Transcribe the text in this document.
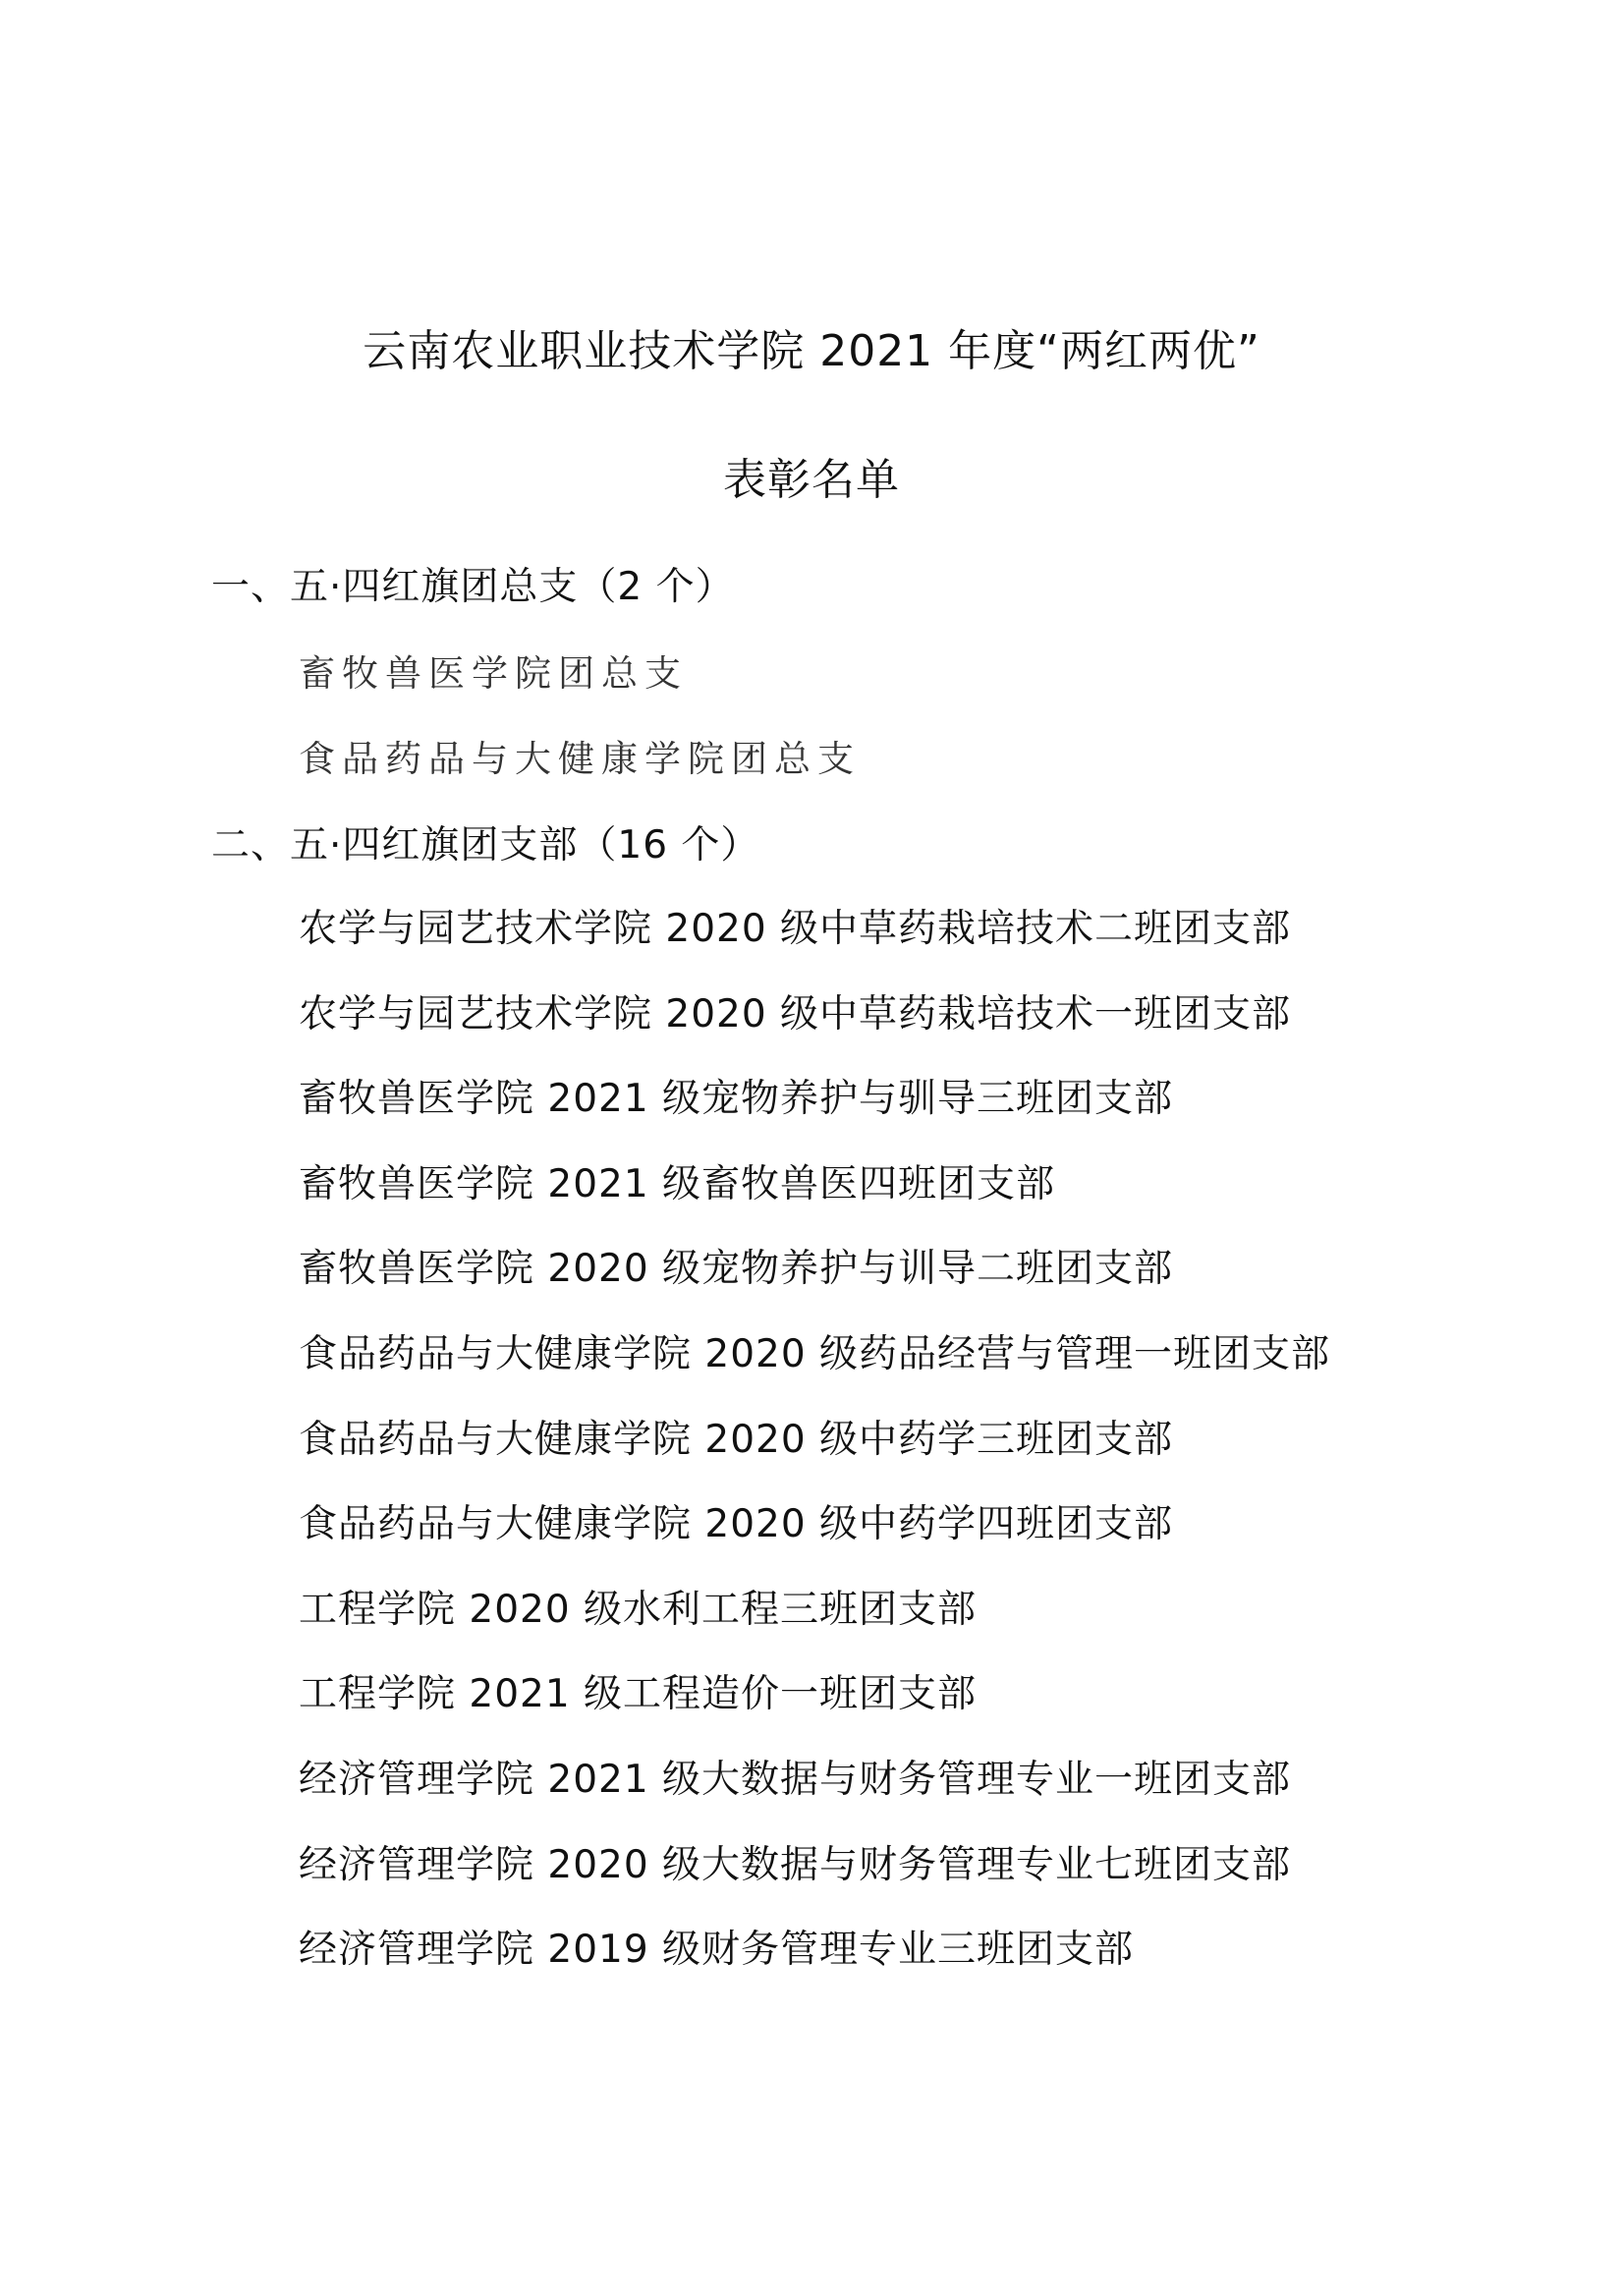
云南农业职业技术学院 2021 年度“两红两优”
表彰名单
一、五·四红旗团总支（2 个）
畜牧兽医学院团总支
食品药品与大健康学院团总支
二、五·四红旗团支部（16 个）
农学与园艺技术学院 2020 级中草药栽培技术二班团支部
农学与园艺技术学院 2020 级中草药栽培技术一班团支部
畜牧兽医学院 2021 级宠物养护与驯导三班团支部
畜牧兽医学院 2021 级畜牧兽医四班团支部
畜牧兽医学院 2020 级宠物养护与训导二班团支部
食品药品与大健康学院 2020 级药品经营与管理一班团支部
食品药品与大健康学院 2020 级中药学三班团支部
食品药品与大健康学院 2020 级中药学四班团支部
工程学院 2020 级水利工程三班团支部
工程学院 2021 级工程造价一班团支部
经济管理学院 2021 级大数据与财务管理专业一班团支部
经济管理学院 2020 级大数据与财务管理专业七班团支部
经济管理学院 2019 级财务管理专业三班团支部
